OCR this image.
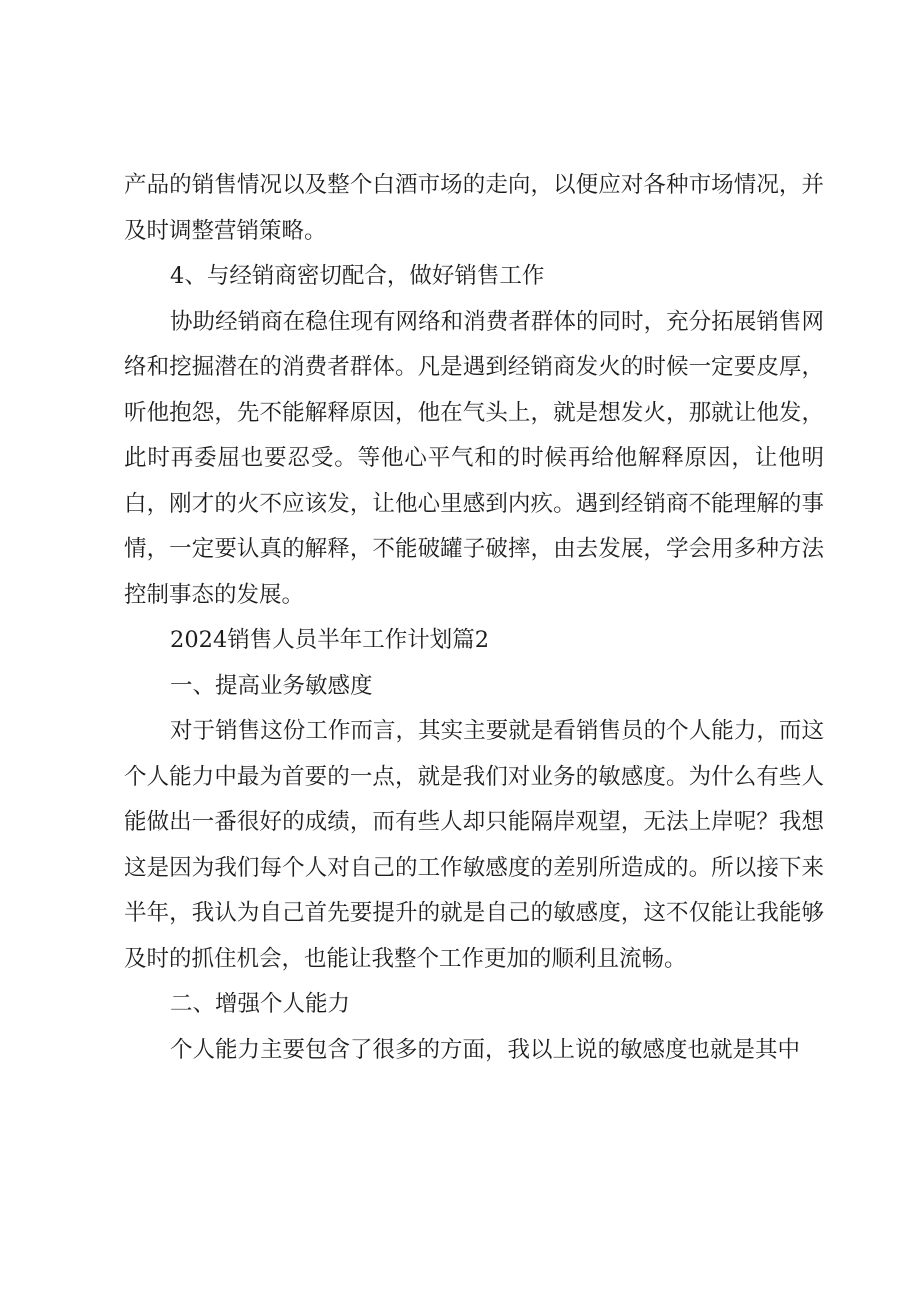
产品的销售情况以及整个白酒市场的走向，以便应对各种市场情况，并及时调整营销策略。

4、与经销商密切配合，做好销售工作

协助经销商在稳住现有网络和消费者群体的同时，充分拓展销售网络和挖掘潜在的消费者群体。凡是遇到经销商发火的时候一定要皮厚，听他抱怨，先不能解释原因，他在气头上，就是想发火，那就让他发，此时再委屈也要忍受。等他心平气和的时候再给他解释原因，让他明白，刚才的火不应该发，让他心里感到内疚。遇到经销商不能理解的事情，一定要认真的解释，不能破罐子破摔，由去发展，学会用多种方法控制事态的发展。

2024销售人员半年工作计划篇2

一、提高业务敏感度

对于销售这份工作而言，其实主要就是看销售员的个人能力，而这个人能力中最为首要的一点，就是我们对业务的敏感度。为什么有些人能做出一番很好的成绩，而有些人却只能隔岸观望，无法上岸呢？我想这是因为我们每个人对自己的工作敏感度的差别所造成的。所以接下来半年，我认为自己首先要提升的就是自己的敏感度，这不仅能让我能够及时的抓住机会，也能让我整个工作更加的顺利且流畅。

二、增强个人能力

个人能力主要包含了很多的方面，我以上说的敏感度也就是其中
